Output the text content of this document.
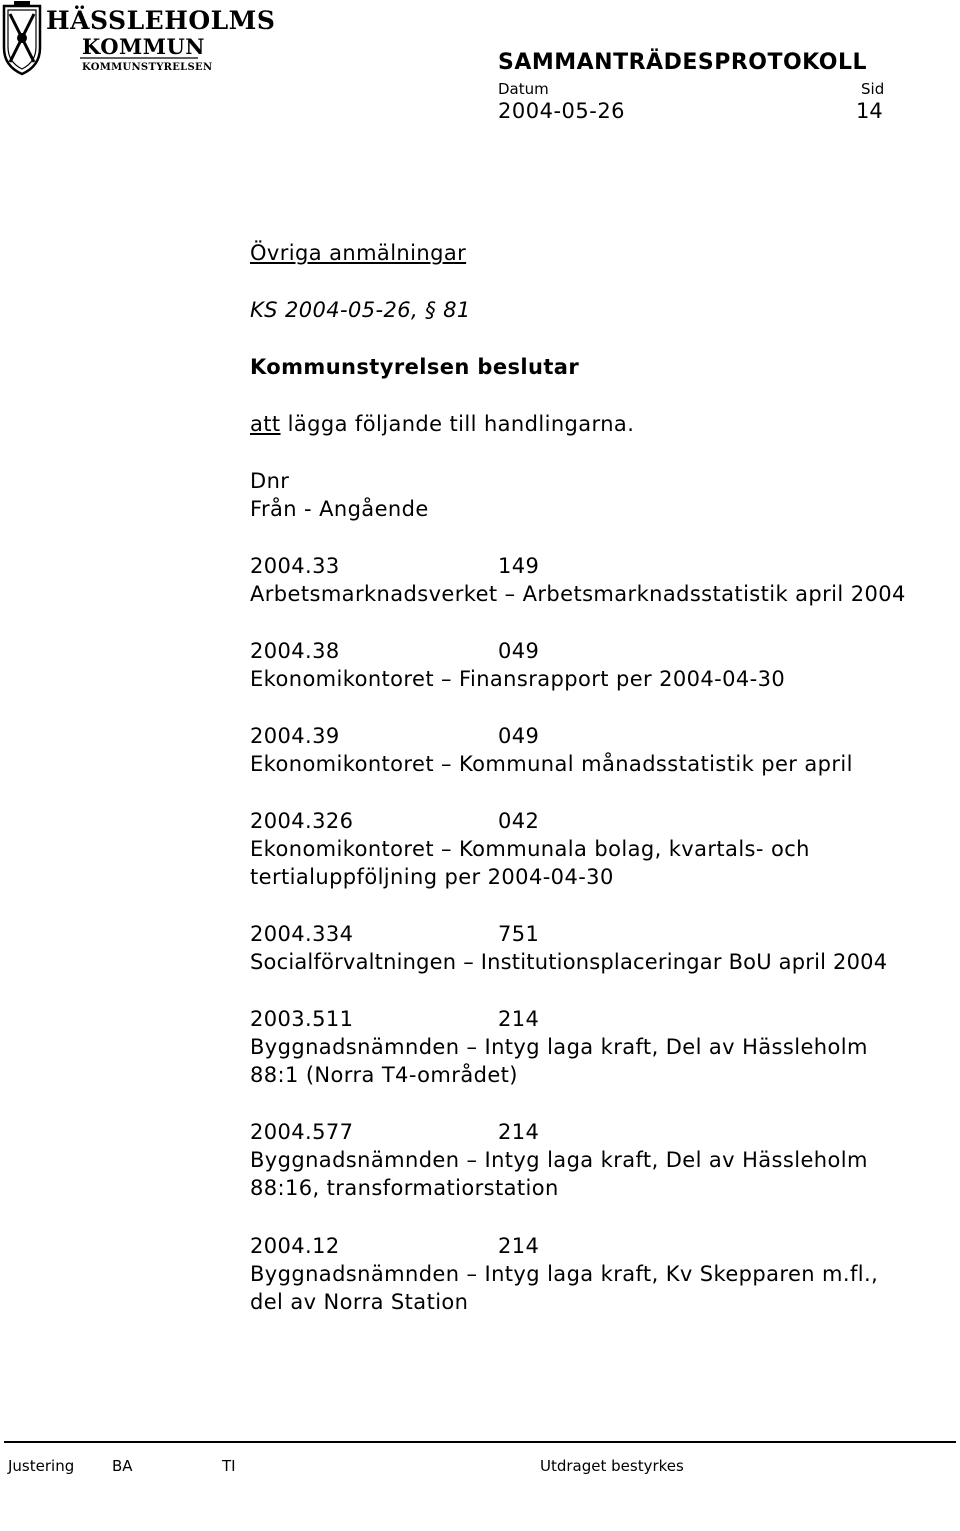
HÄSSLEHOLMS
KOMMUN
KOMMUNSTYRELSEN	SAMMANTRÄDESPROTOKOLL
Datum	Sid
2004-05-26	14
Övriga anmälningar
KS 2004-05-26, § 81
Kommunstyrelsen beslutar
att lägga följande till handlingarna.
Dnr
Från - Angående
2004.33	149
Arbetsmarknadsverket – Arbetsmarknadsstatistik april 2004
2004.38	049
Ekonomikontoret – Finansrapport per 2004-04-30
2004.39	049
Ekonomikontoret – Kommunal månadsstatistik per april
2004.326	042
Ekonomikontoret – Kommunala bolag, kvartals- och
tertialuppföljning per 2004-04-30
2004.334	751
Socialförvaltningen – Institutionsplaceringar BoU april 2004
2003.511	214
Byggnadsnämnden – Intyg laga kraft, Del av Hässleholm
88:1 (Norra T4-området)
2004.577	214
Byggnadsnämnden – Intyg laga kraft, Del av Hässleholm
88:16, transformatiorstation
2004.12	214
Byggnadsnämnden – Intyg laga kraft, Kv Skepparen m.fl.,
del av Norra Station
Justering	BA	TI	Utdraget bestyrkes
